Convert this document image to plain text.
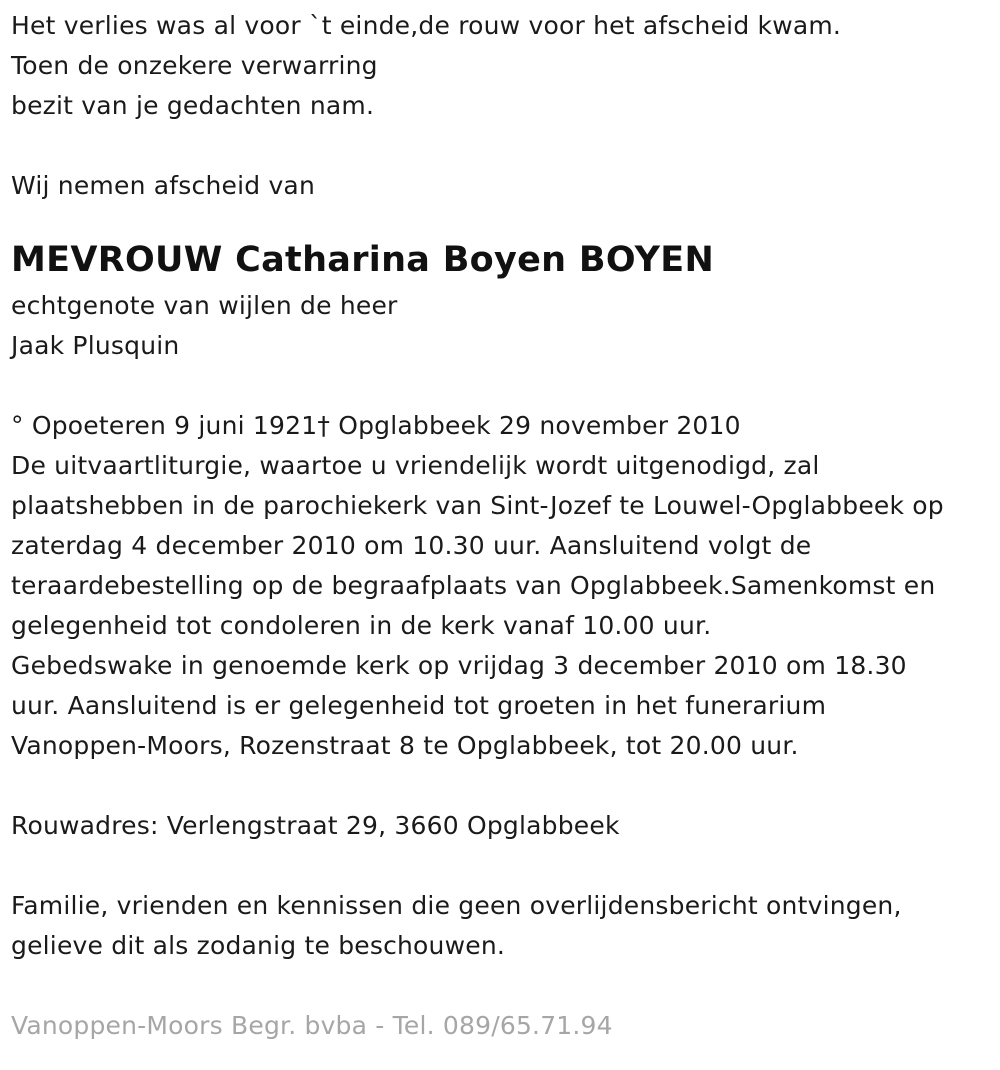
Het verlies was al voor `t einde,de rouw voor het afscheid kwam.
Toen de onzekere verwarring
bezit van je gedachten nam.
Wij nemen afscheid van
MEVROUW Catharina Boyen BOYEN
echtgenote van wijlen de heer
Jaak Plusquin
° Opoeteren 9 juni 1921† Opglabbeek 29 november 2010
De uitvaartliturgie, waartoe u vriendelijk wordt uitgenodigd, zal
plaatshebben in de parochiekerk van Sint-Jozef te Louwel-Opglabbeek op
zaterdag 4 december 2010 om 10.30 uur. Aansluitend volgt de
teraardebestelling op de begraafplaats van Opglabbeek.Samenkomst en
gelegenheid tot condoleren in de kerk vanaf 10.00 uur.
Gebedswake in genoemde kerk op vrijdag 3 december 2010 om 18.30
uur. Aansluitend is er gelegenheid tot groeten in het funerarium
Vanoppen-Moors, Rozenstraat 8 te Opglabbeek, tot 20.00 uur.
Rouwadres: Verlengstraat 29, 3660 Opglabbeek
Familie, vrienden en kennissen die geen overlijdensbericht ontvingen,
gelieve dit als zodanig te beschouwen.
Vanoppen-Moors Begr. bvba - Tel. 089/65.71.94
